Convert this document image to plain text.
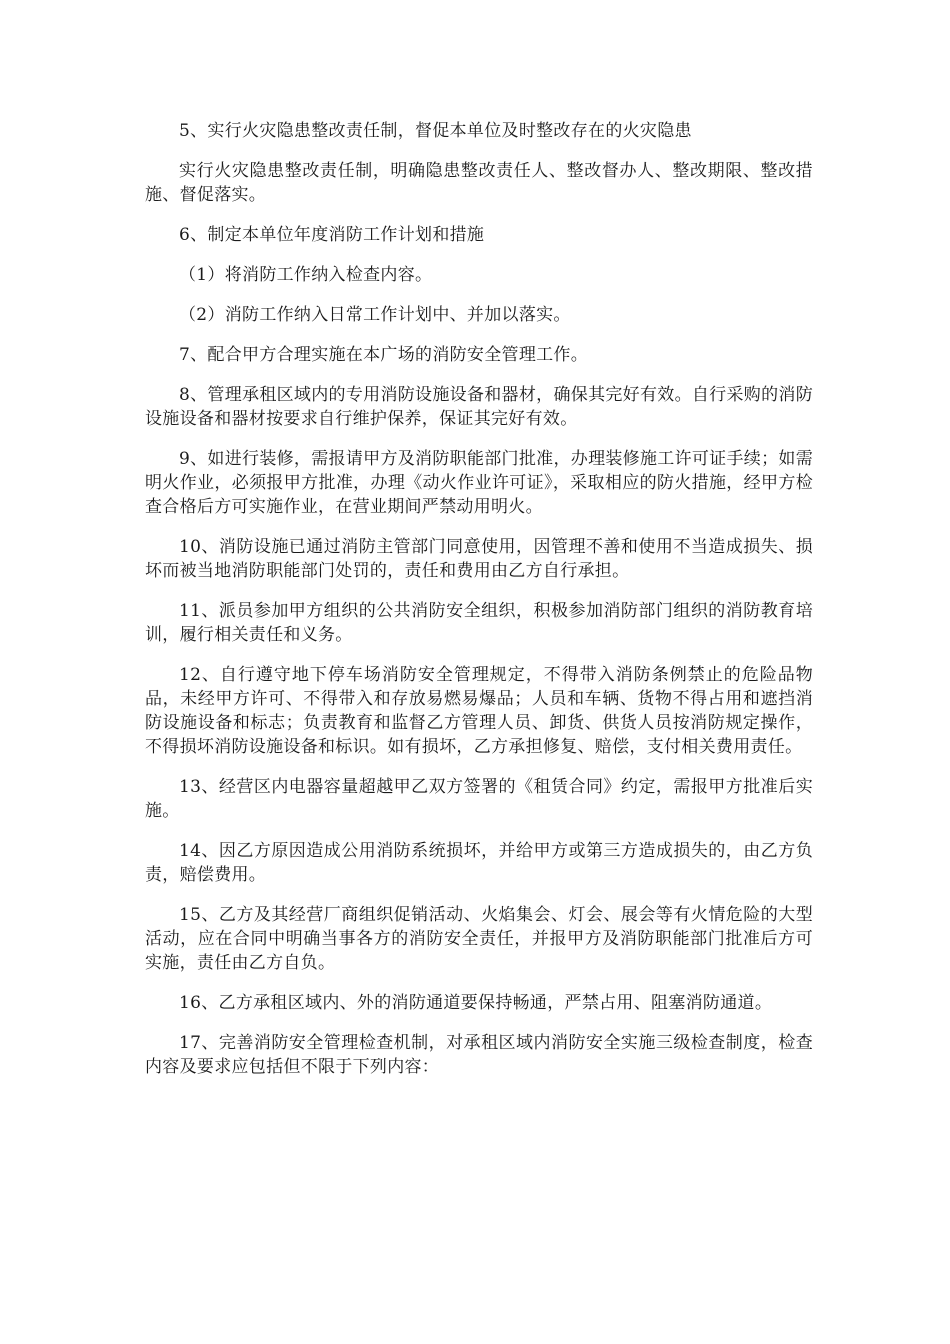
5、实行火灾隐患整改责任制，督促本单位及时整改存在的火灾隐患

实行火灾隐患整改责任制，明确隐患整改责任人、整改督办人、整改期限、整改措施、督促落实。

6、制定本单位年度消防工作计划和措施

（1）将消防工作纳入检查内容。

（2）消防工作纳入日常工作计划中、并加以落实。

7、配合甲方合理实施在本广场的消防安全管理工作。

8、管理承租区域内的专用消防设施设备和器材，确保其完好有效。自行采购的消防设施设备和器材按要求自行维护保养，保证其完好有效。

9、如进行装修，需报请甲方及消防职能部门批准，办理装修施工许可证手续；如需明火作业，必须报甲方批准，办理《动火作业许可证》，采取相应的防火措施，经甲方检查合格后方可实施作业，在营业期间严禁动用明火。

10、消防设施已通过消防主管部门同意使用，因管理不善和使用不当造成损失、损坏而被当地消防职能部门处罚的，责任和费用由乙方自行承担。

11、派员参加甲方组织的公共消防安全组织，积极参加消防部门组织的消防教育培训，履行相关责任和义务。

12、自行遵守地下停车场消防安全管理规定，不得带入消防条例禁止的危险品物品，未经甲方许可、不得带入和存放易燃易爆品；人员和车辆、货物不得占用和遮挡消防设施设备和标志；负责教育和监督乙方管理人员、卸货、供货人员按消防规定操作，不得损坏消防设施设备和标识。如有损坏，乙方承担修复、赔偿，支付相关费用责任。

13、经营区内电器容量超越甲乙双方签署的《租赁合同》约定，需报甲方批准后实施。

14、因乙方原因造成公用消防系统损坏，并给甲方或第三方造成损失的，由乙方负责，赔偿费用。

15、乙方及其经营厂商组织促销活动、火焰集会、灯会、展会等有火情危险的大型活动，应在合同中明确当事各方的消防安全责任，并报甲方及消防职能部门批准后方可实施，责任由乙方自负。

16、乙方承租区域内、外的消防通道要保持畅通，严禁占用、阻塞消防通道。

17、完善消防安全管理检查机制，对承租区域内消防安全实施三级检查制度，检查内容及要求应包括但不限于下列内容：
